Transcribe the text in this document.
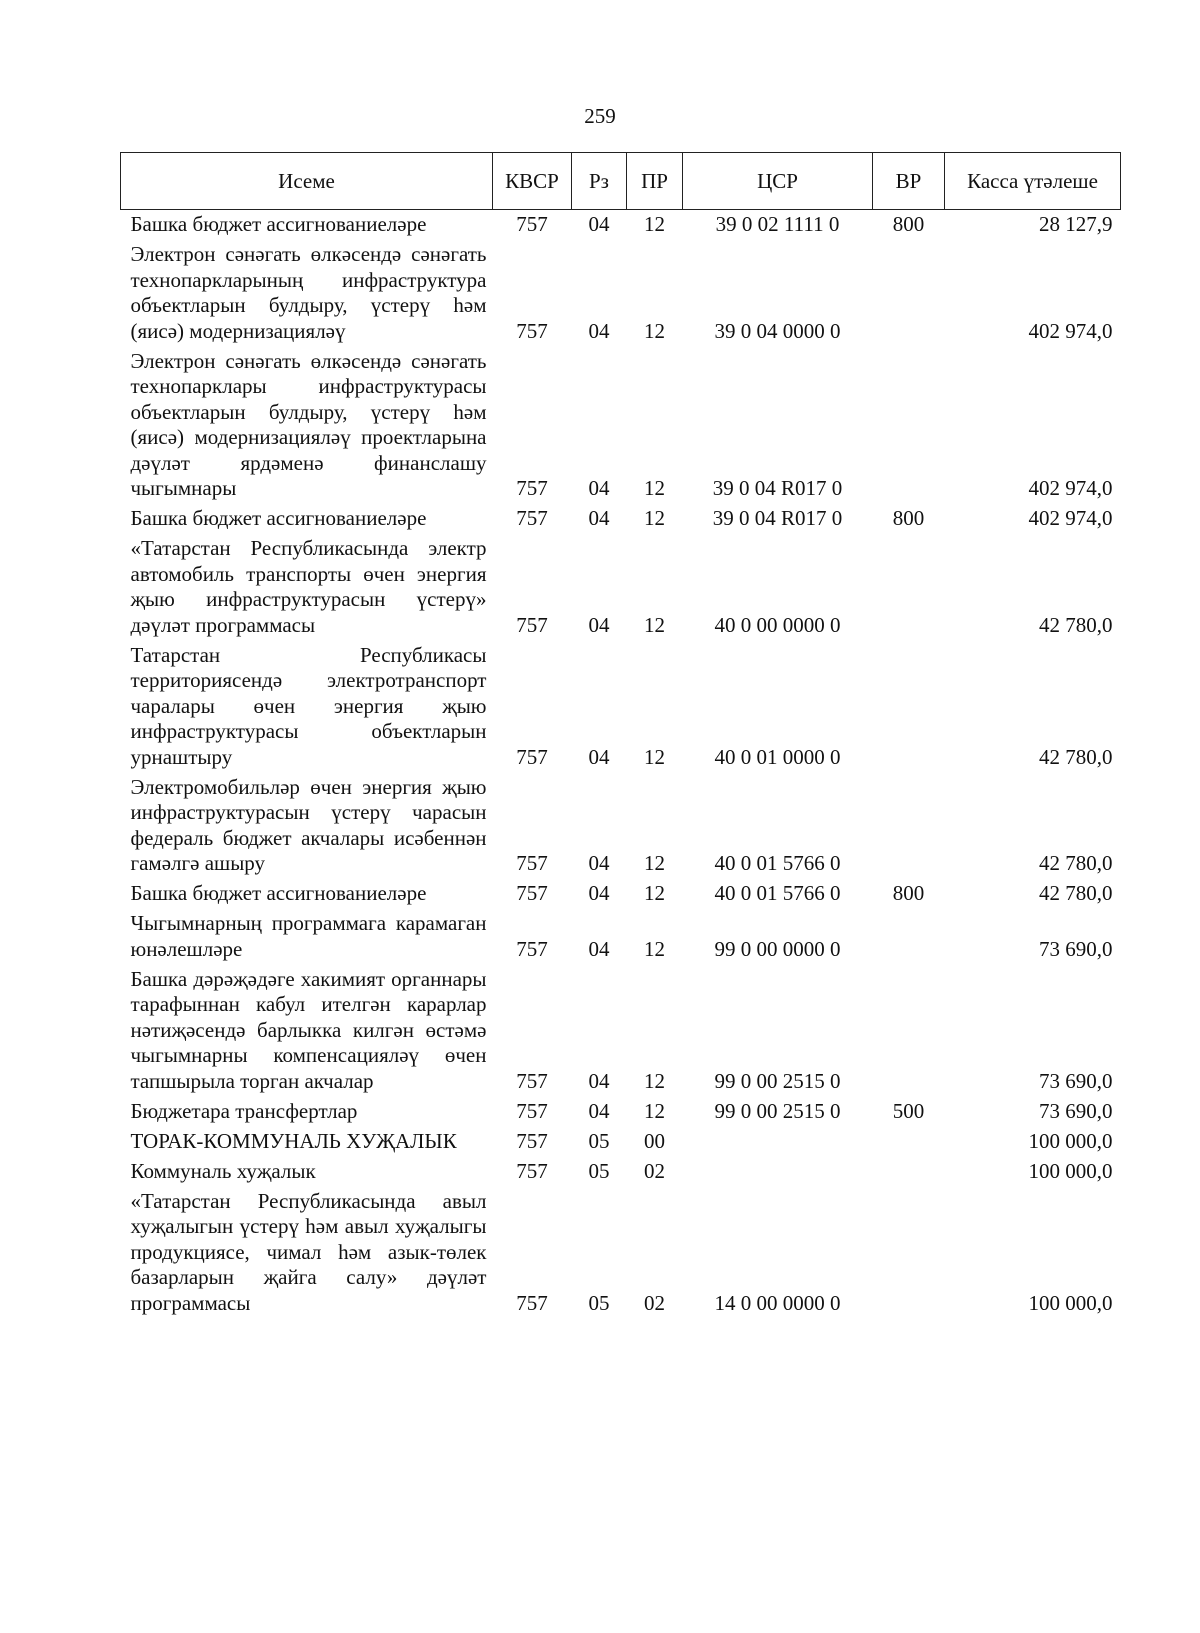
259
Исеме	КВСР	Рз	ПР	ЦСР	ВР	Касса үтәлеше
Башка бюджет ассигнованиеләре	757	04	12	39 0 02 1111 0	800	28 127,9
Электрон сәнәгать өлкәсендә сәнәгать технопаркларының инфраструктура объектларын булдыру, үстерү һәм (яисә) модернизацияләү	757	04	12	39 0 04 0000 0		402 974,0
Электрон сәнәгать өлкәсендә сәнәгать технопарклары инфраструктурасы объектларын булдыру, үстерү һәм (яисә) модернизацияләү проектларына дәүләт ярдәменә финанслашу чыгымнары	757	04	12	39 0 04 R017 0		402 974,0
Башка бюджет ассигнованиеләре	757	04	12	39 0 04 R017 0	800	402 974,0
«Татарстан Республикасында электр автомобиль транспорты өчен энергия җыю инфраструктурасын үстерү» дәүләт программасы	757	04	12	40 0 00 0000 0		42 780,0
Татарстан Республикасы территориясендә электротранспорт чаралары өчен энергия җыю инфраструктурасы объектларын урнаштыру	757	04	12	40 0 01 0000 0		42 780,0
Электромобильләр өчен энергия җыю инфраструктурасын үстерү чарасын федераль бюджет акчалары исәбеннән гамәлгә ашыру	757	04	12	40 0 01 5766 0		42 780,0
Башка бюджет ассигнованиеләре	757	04	12	40 0 01 5766 0	800	42 780,0
Чыгымнарның программага карамаган юнәлешләре	757	04	12	99 0 00 0000 0		73 690,0
Башка дәрәҗәдәге хакимият органнары тарафыннан кабул ителгән карарлар нәтиҗәсендә барлыкка килгән өстәмә чыгымнарны компенсацияләү өчен тапшырыла торган акчалар	757	04	12	99 0 00 2515 0		73 690,0
Бюджетара трансфертлар	757	04	12	99 0 00 2515 0	500	73 690,0
ТОРАК-КОММУНАЛЬ ХУҖАЛЫК	757	05	00			100 000,0
Коммуналь хуҗалык	757	05	02			100 000,0
«Татарстан Республикасында авыл хуҗалыгын үстерү һәм авыл хуҗалыгы продукциясе, чимал һәм азык-төлек базарларын җайга салу» дәүләт программасы	757	05	02	14 0 00 0000 0		100 000,0
